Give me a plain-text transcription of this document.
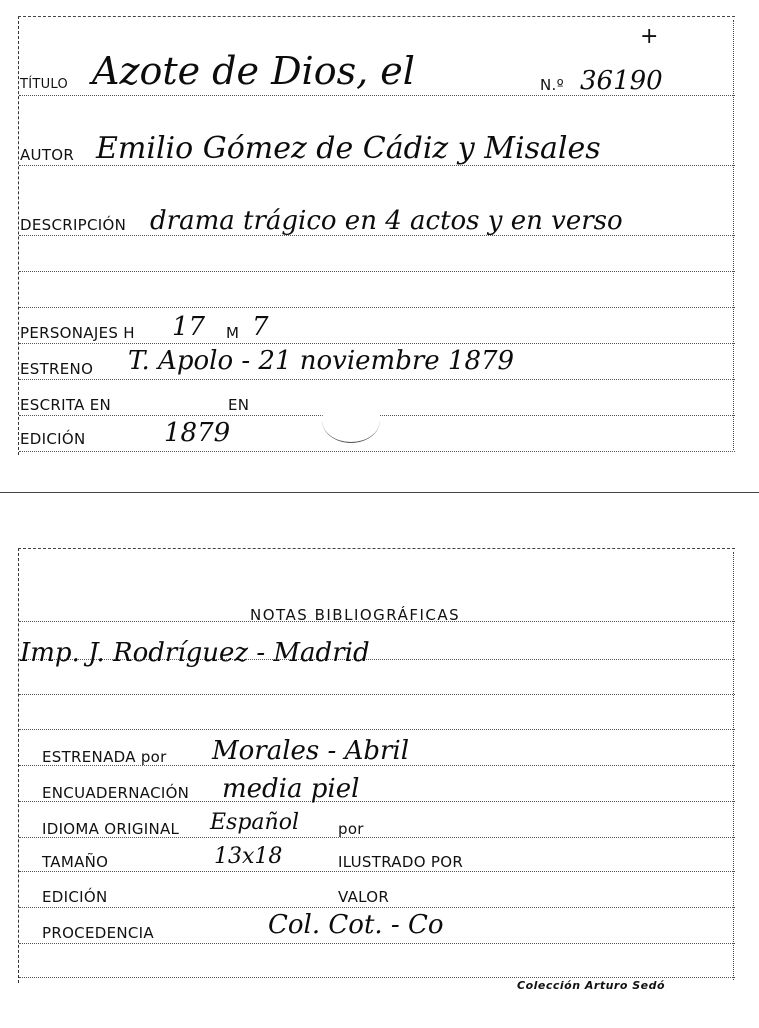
+
TÍTULO Azote de Dios, el	N.º 36190
AUTOR Emilio Gómez de Cádiz y Misales
DESCRIPCIÓN drama trágico en 4 actos y en verso
PERSONAJES H 17 M 7
ESTRENO T. Apolo - 21 noviembre 1879
ESCRITA EN	EN
EDICIÓN	1879
NOTAS BIBLIOGRÁFICAS
Imp. J. Rodríguez - Madrid
ESTRENADA por Morales - Abril
ENCUADERNACIÓN media piel
IDIOMA ORIGINAL Español	por
TAMAÑO	13x18	ILUSTRADO POR
EDICIÓN	VALOR
PROCEDENCIA	Col. Cot. - Co
Colección Arturo Sedó
